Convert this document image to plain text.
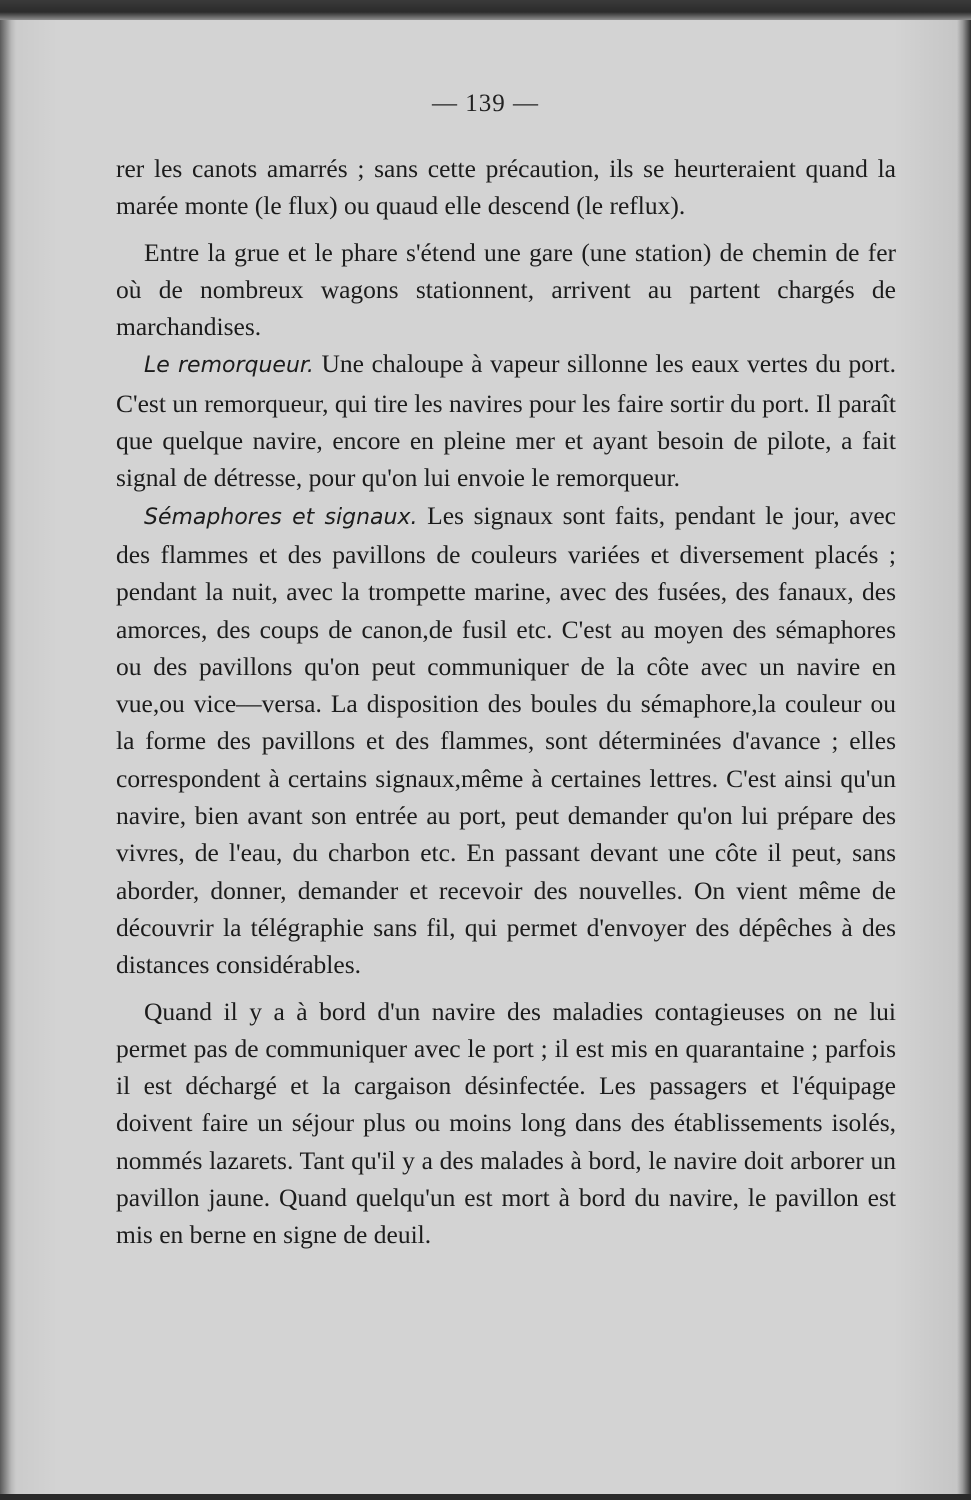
— 139 —

rer les canots amarrés ; sans cette précaution, ils se heurteraient quand la marée monte (le flux) ou quaud elle descend (le reflux).

Entre la grue et le phare s'étend une gare (une station) de chemin de fer où de nombreux wagons stationnent, arrivent au partent chargés de marchandises.

Le remorqueur. Une chaloupe à vapeur sillonne les eaux vertes du port. C'est un remorqueur, qui tire les navires pour les faire sortir du port. Il paraît que quelque navire, encore en pleine mer et ayant besoin de pilote, a fait signal de détresse, pour qu'on lui envoie le remorqueur.

Sémaphores et signaux. Les signaux sont faits, pendant le jour, avec des flammes et des pavillons de couleurs variées et diversement placés ; pendant la nuit, avec la trompette marine, avec des fusées, des fanaux, des amorces, des coups de canon,de fusil etc. C'est au moyen des sémaphores ou des pavillons qu'on peut communiquer de la côte avec un navire en vue,ou vice—versa. La disposition des boules du sémaphore,la couleur ou la forme des pavillons et des flammes, sont déterminées d'avance ; elles correspondent à certains signaux,même à certaines lettres. C'est ainsi qu'un navire, bien avant son entrée au port, peut demander qu'on lui prépare des vivres, de l'eau, du charbon etc. En passant devant une côte il peut, sans aborder, donner, demander et recevoir des nouvelles. On vient même de découvrir la télégraphie sans fil, qui permet d'envoyer des dépêches à des distances considérables.

Quand il y a à bord d'un navire des maladies contagieuses on ne lui permet pas de communiquer avec le port ; il est mis en quarantaine ; parfois il est déchargé et la cargaison désinfectée. Les passagers et l'équipage doivent faire un séjour plus ou moins long dans des établissements isolés, nommés lazarets. Tant qu'il y a des malades à bord, le navire doit arborer un pavillon jaune. Quand quelqu'un est mort à bord du navire, le pavillon est mis en berne en signe de deuil.
